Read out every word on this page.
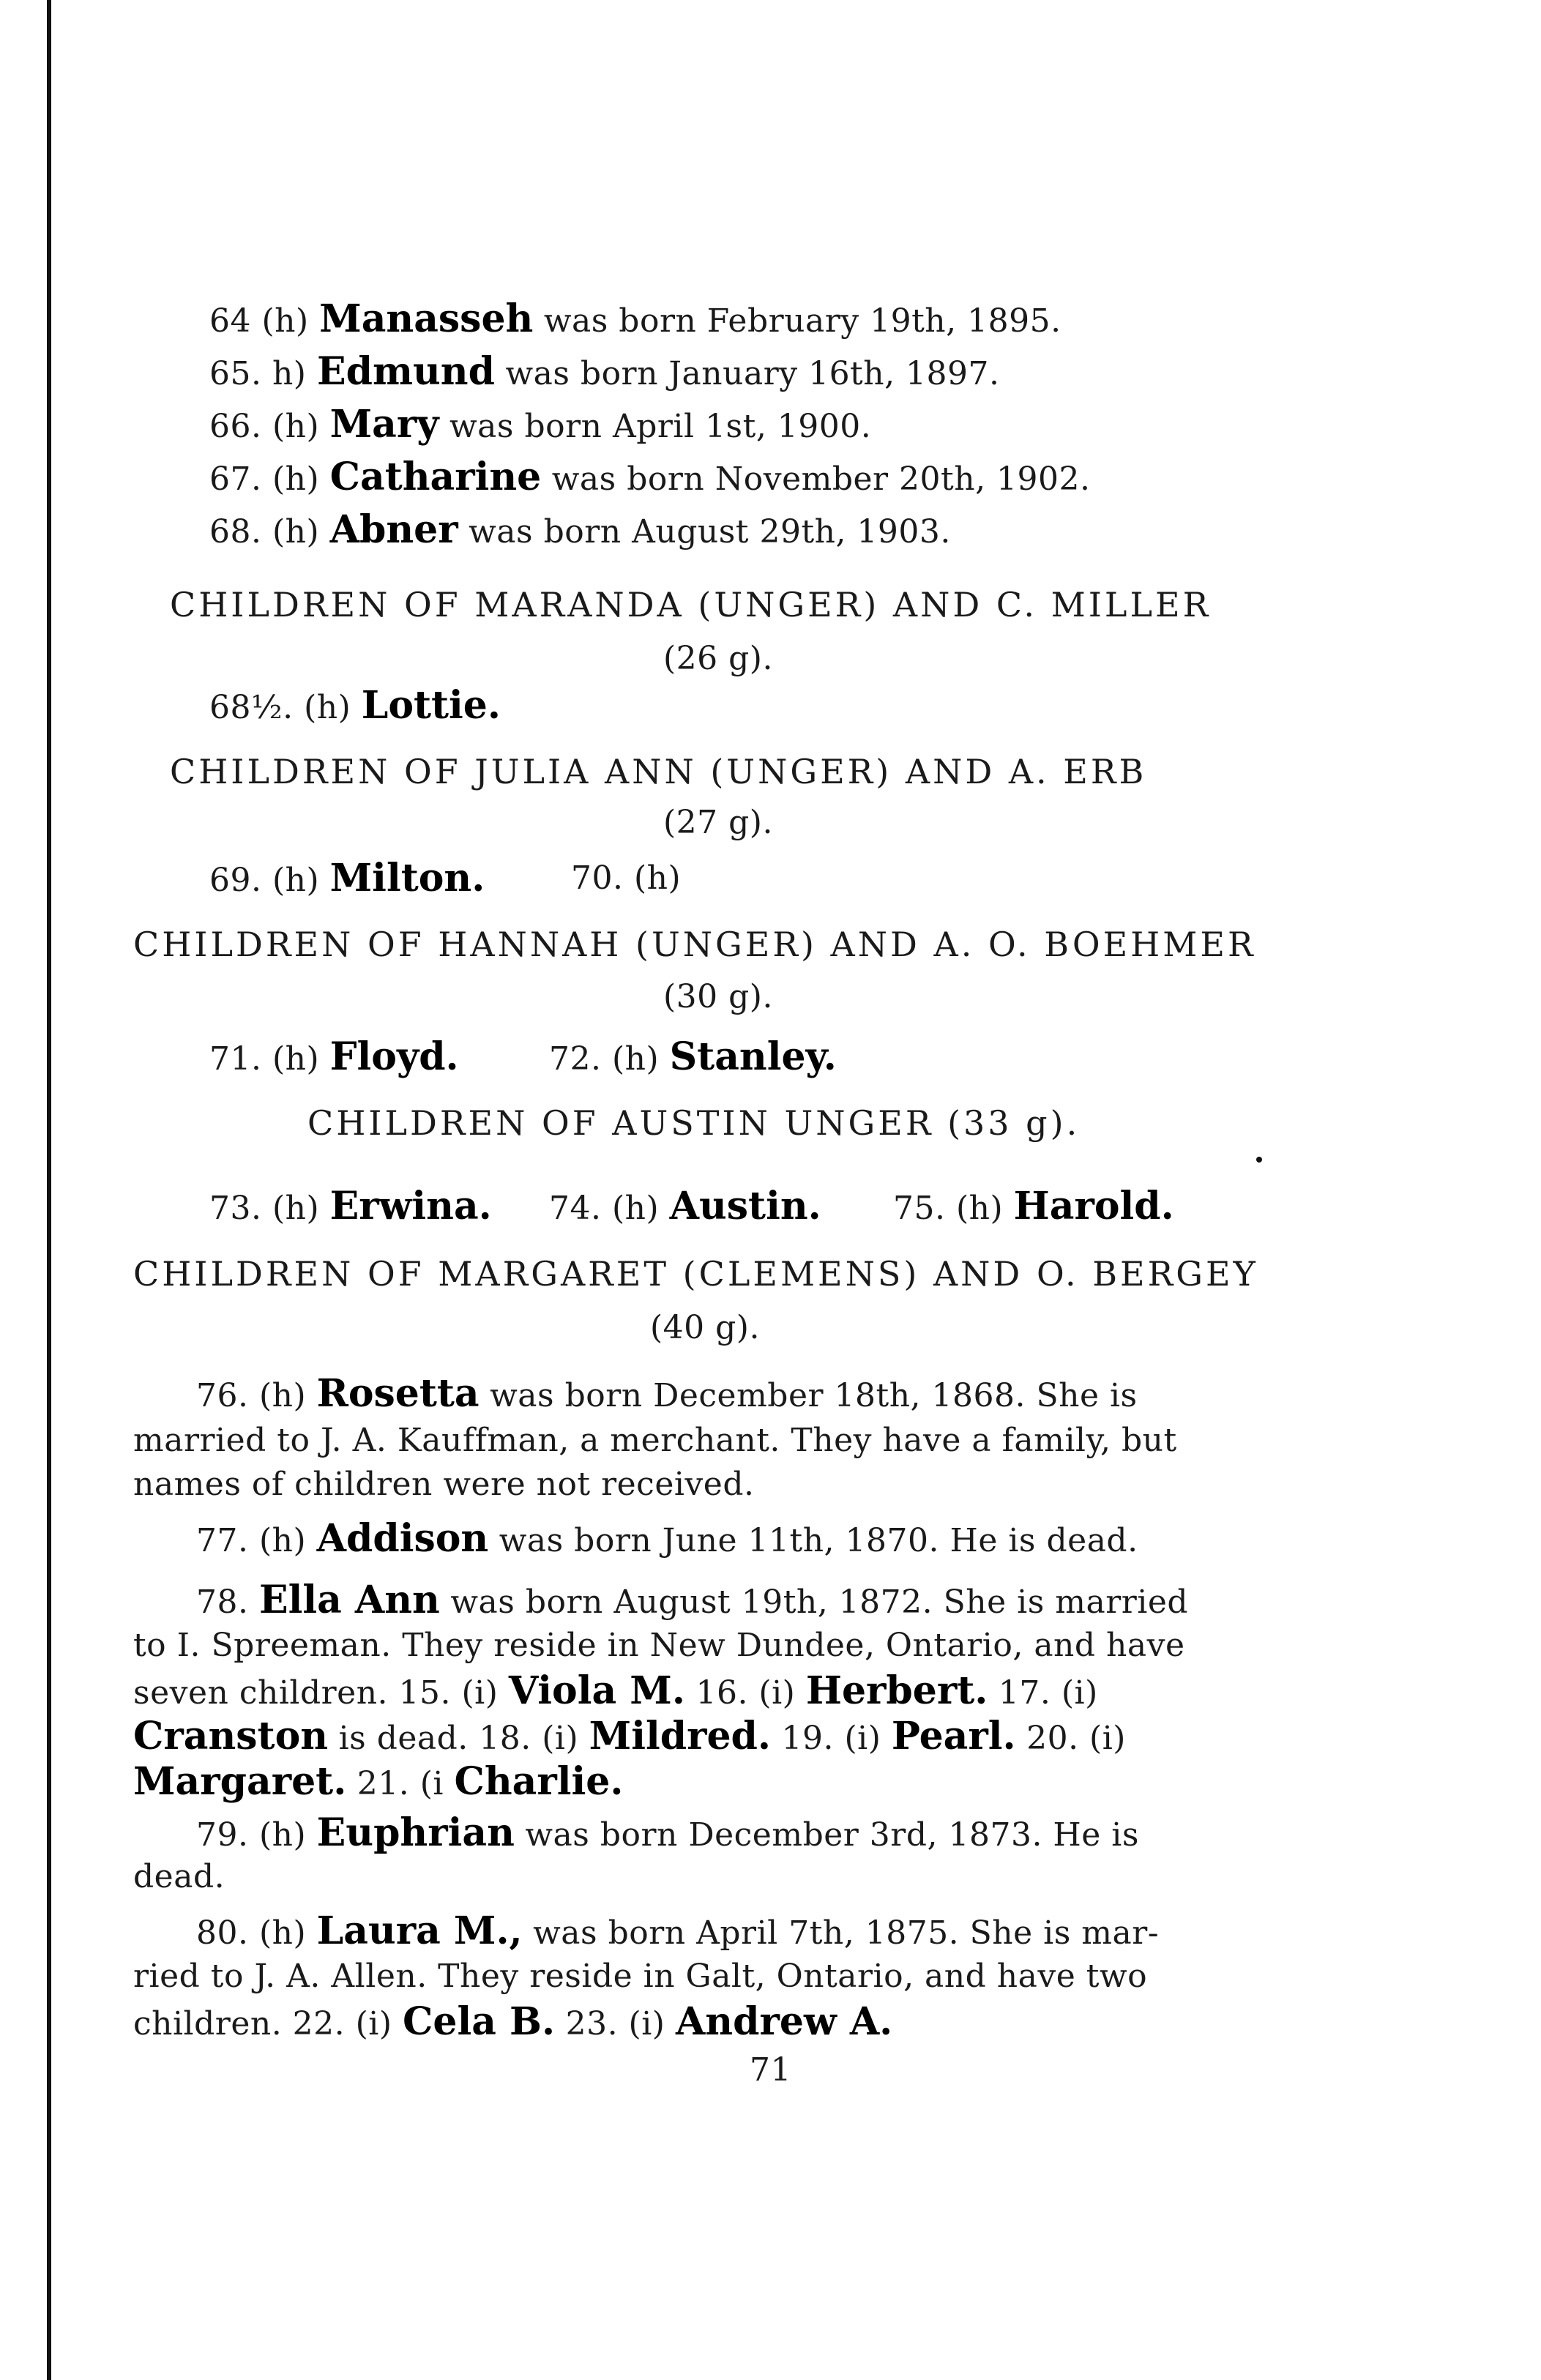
64 (h) Manasseh was born February 19th, 1895.
65. h) Edmund was born January 16th, 1897.
66. (h) Mary was born April 1st, 1900.
67. (h) Catharine was born November 20th, 1902.
68. (h) Abner was born August 29th, 1903.
CHILDREN OF MARANDA (UNGER) AND C. MILLER
(26 g).
68½. (h) Lottie.
CHILDREN OF JULIA ANN (UNGER) AND A. ERB
(27 g).
69. (h) Milton.	70. (h)
CHILDREN OF HANNAH (UNGER) AND A. O. BOEHMER
(30 g).
71. (h) Floyd.	72. (h) Stanley.
CHILDREN OF AUSTIN UNGER (33 g).
73. (h) Erwina. 74. (h) Austin. 75. (h) Harold.
CHILDREN OF MARGARET (CLEMENS) AND O. BERGEY
(40 g).
76. (h) Rosetta was born December 18th, 1868. She is
married to J. A. Kauffman, a merchant. They have a family, but
names of children were not received.
77. (h) Addison was born June 11th, 1870. He is dead.
78. Ella Ann was born August 19th, 1872. She is married
to I. Spreeman. They reside in New Dundee, Ontario, and have
seven children. 15. (i) Viola M. 16. (i) Herbert. 17. (i)
Cranston is dead. 18. (i) Mildred. 19. (i) Pearl. 20. (i)
Margaret. 21. (i Charlie.
79. (h) Euphrian was born December 3rd, 1873. He is
dead.
80. (h) Laura M., was born April 7th, 1875. She is mar-
ried to J. A. Allen. They reside in Galt, Ontario, and have two
children. 22. (i) Cela B. 23. (i) Andrew A.
71
